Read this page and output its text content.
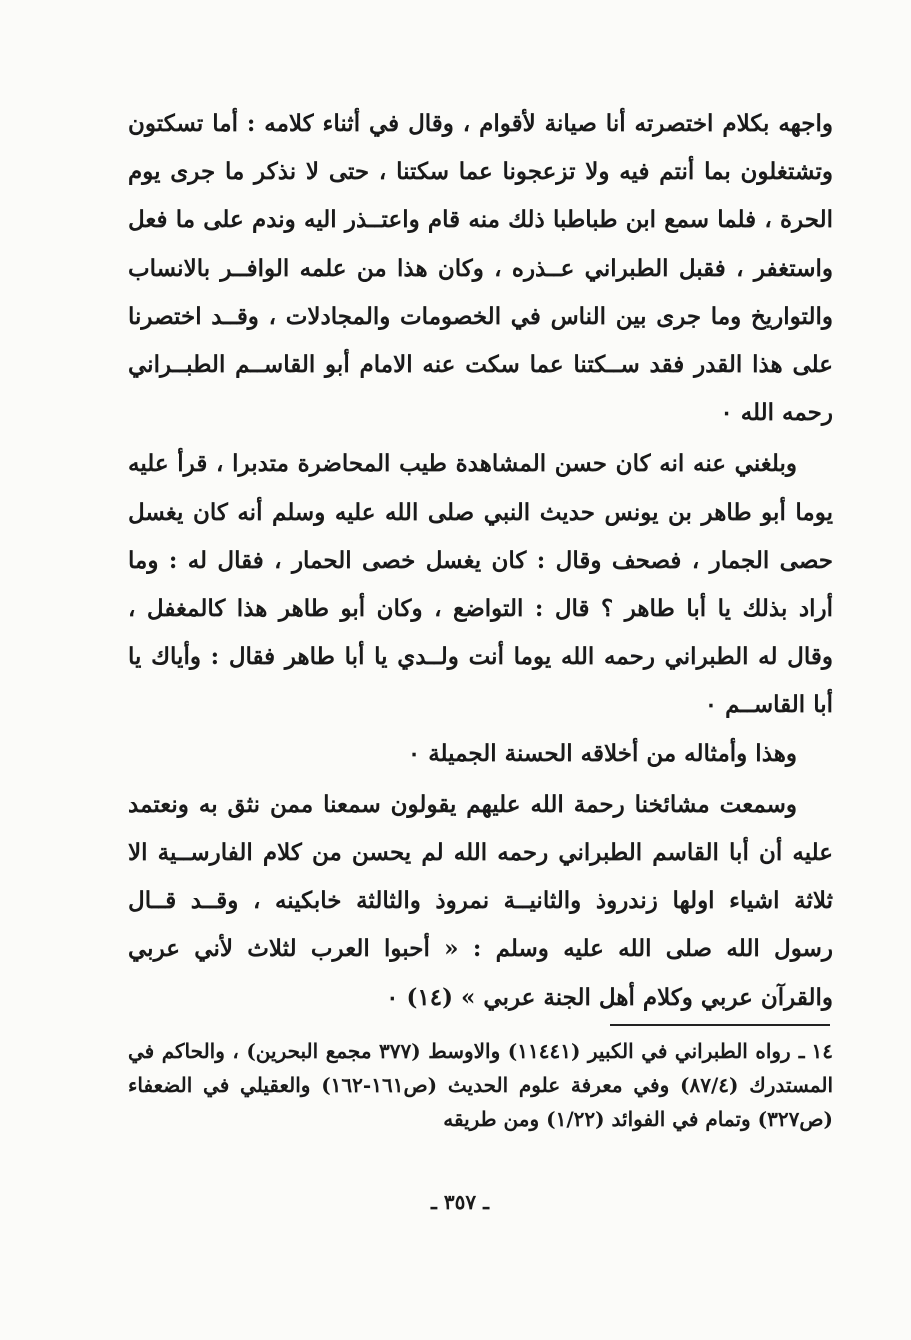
واجهه بكلام اختصرته أنا صيانة لأقوام ، وقال في أثناء كلامه : أما تسكتون وتشتغلون بما أنتم فيه ولا تزعجونا عما سكتنا ، حتى لا نذكر ما جرى يوم الحرة ، فلما سمع ابن طباطبا ذلك منه قام واعتــذر اليه وندم على ما فعل واستغفر ، فقبل الطبراني عــذره ، وكان هذا من علمه الوافــر بالانساب والتواريخ وما جرى بين الناس في الخصومات والمجادلات ، وقــد اختصرنا على هذا القدر فقد ســكتنا عما سكت عنه الامام أبو القاســم الطبــراني رحمه الله ٠

وبلغني عنه انه كان حسن المشاهدة طيب المحاضرة متدبرا ، قرأ عليه يوما أبو طاهر بن يونس حديث النبي صلى الله عليه وسلم أنه كان يغسل حصى الجمار ، فصحف وقال : كان يغسل خصى الحمار ، فقال له : وما أراد بذلك يا أبا طاهر ؟ قال : التواضع ، وكان أبو طاهر هذا كالمغفل ، وقال له الطبراني رحمه الله يوما أنت ولــدي يا أبا طاهر فقال : وأياك يا أبا القاســم ٠

وهذا وأمثاله من أخلاقه الحسنة الجميلة ٠

وسمعت مشائخنا رحمة الله عليهم يقولون سمعنا ممن نثق به ونعتمد عليه أن أبا القاسم الطبراني رحمه الله لم يحسن من كلام الفارســية الا ثلاثة اشياء اولها زندروذ والثانيــة نمروذ والثالثة خابكينه ، وقــد قــال رسول الله صلى الله عليه وسلم : « أحبوا العرب لثلاث لأني عربي والقرآن عربي وكلام أهل الجنة عربي » (١٤) ٠

١٤ ـرواه الطبراني في الكبير (١١٤٤١) والاوسط (٣٧٧ مجمع البحرين) ، والحاكم في المستدرك (٨٧/٤) وفي معرفة علوم الحديث (ص١٦١-١٦٢) والعقيلي في الضعفاء (ص٣٢٧) وتمام في الفوائد (١/٢٢) ومن طريقه
ـ ٣٥٧ ـ
